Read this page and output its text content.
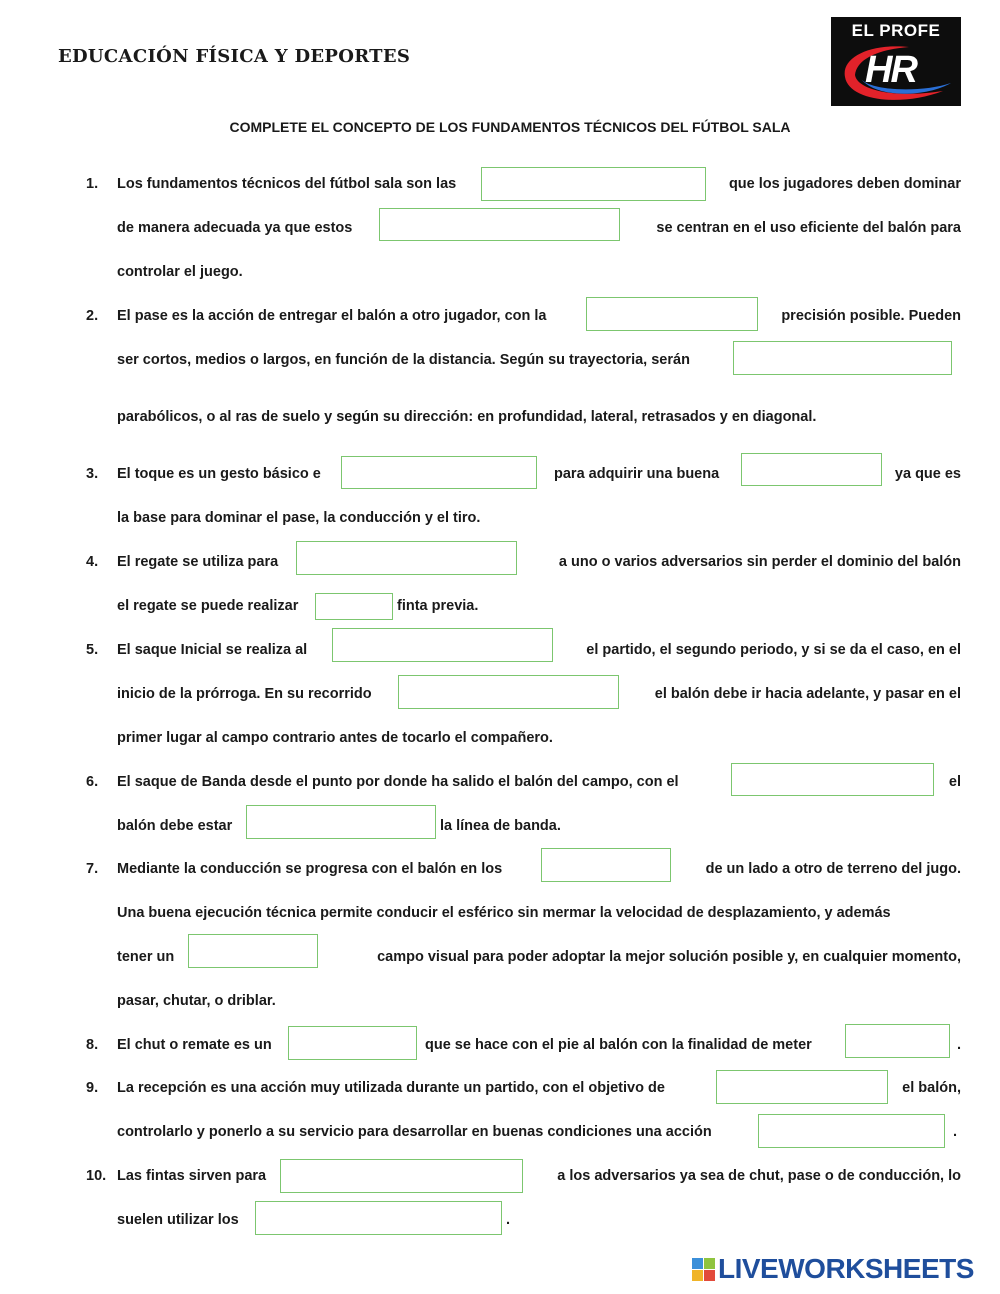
EDUCACIÓN FÍSICA Y DEPORTES
EL PROFE
HR
COMPLETE EL CONCEPTO DE LOS FUNDAMENTOS TÉCNICOS DEL FÚTBOL SALA
1. Los fundamentos técnicos del fútbol sala son las	que los jugadores deben dominar
de manera adecuada ya que estos	se centran en el uso eficiente del balón para
controlar el juego.
2. El pase es la acción de entregar el balón a otro jugador, con la	precisión posible. Pueden
ser cortos, medios o largos, en función de la distancia. Según su trayectoria, serán
parabólicos, o al ras de suelo y según su dirección: en profundidad, lateral, retrasados y en diagonal.
3. El toque es un gesto básico e	para adquirir una buena	ya que es
la base para dominar el pase, la conducción y el tiro.
4. El regate se utiliza para	a uno o varios adversarios sin perder el dominio del balón
el regate se puede realizar	finta previa.
5. El saque Inicial se realiza al	el partido, el segundo periodo, y si se da el caso, en el
inicio de la prórroga. En su recorrido	el balón debe ir hacia adelante, y pasar en el
primer lugar al campo contrario antes de tocarlo el compañero.
6. El saque de Banda desde el punto por donde ha salido el balón del campo, con el	el
balón debe estar	la línea de banda.
7. Mediante la conducción se progresa con el balón en los	de un lado a otro de terreno del jugo.
Una buena ejecución técnica permite conducir el esférico sin mermar la velocidad de desplazamiento, y además
tener un	campo visual para poder adoptar la mejor solución posible y, en cualquier momento,
pasar, chutar, o driblar.
8. El chut o remate es un	que se hace con el pie al balón con la finalidad de meter	.
9. La recepción es una acción muy utilizada durante un partido, con el objetivo de	el balón,
controlarlo y ponerlo a su servicio para desarrollar en buenas condiciones una acción	.
10. Las fintas sirven para	a los adversarios ya sea de chut, pase o de conducción, lo
suelen utilizar los	.
LIVEWORKSHEETS
